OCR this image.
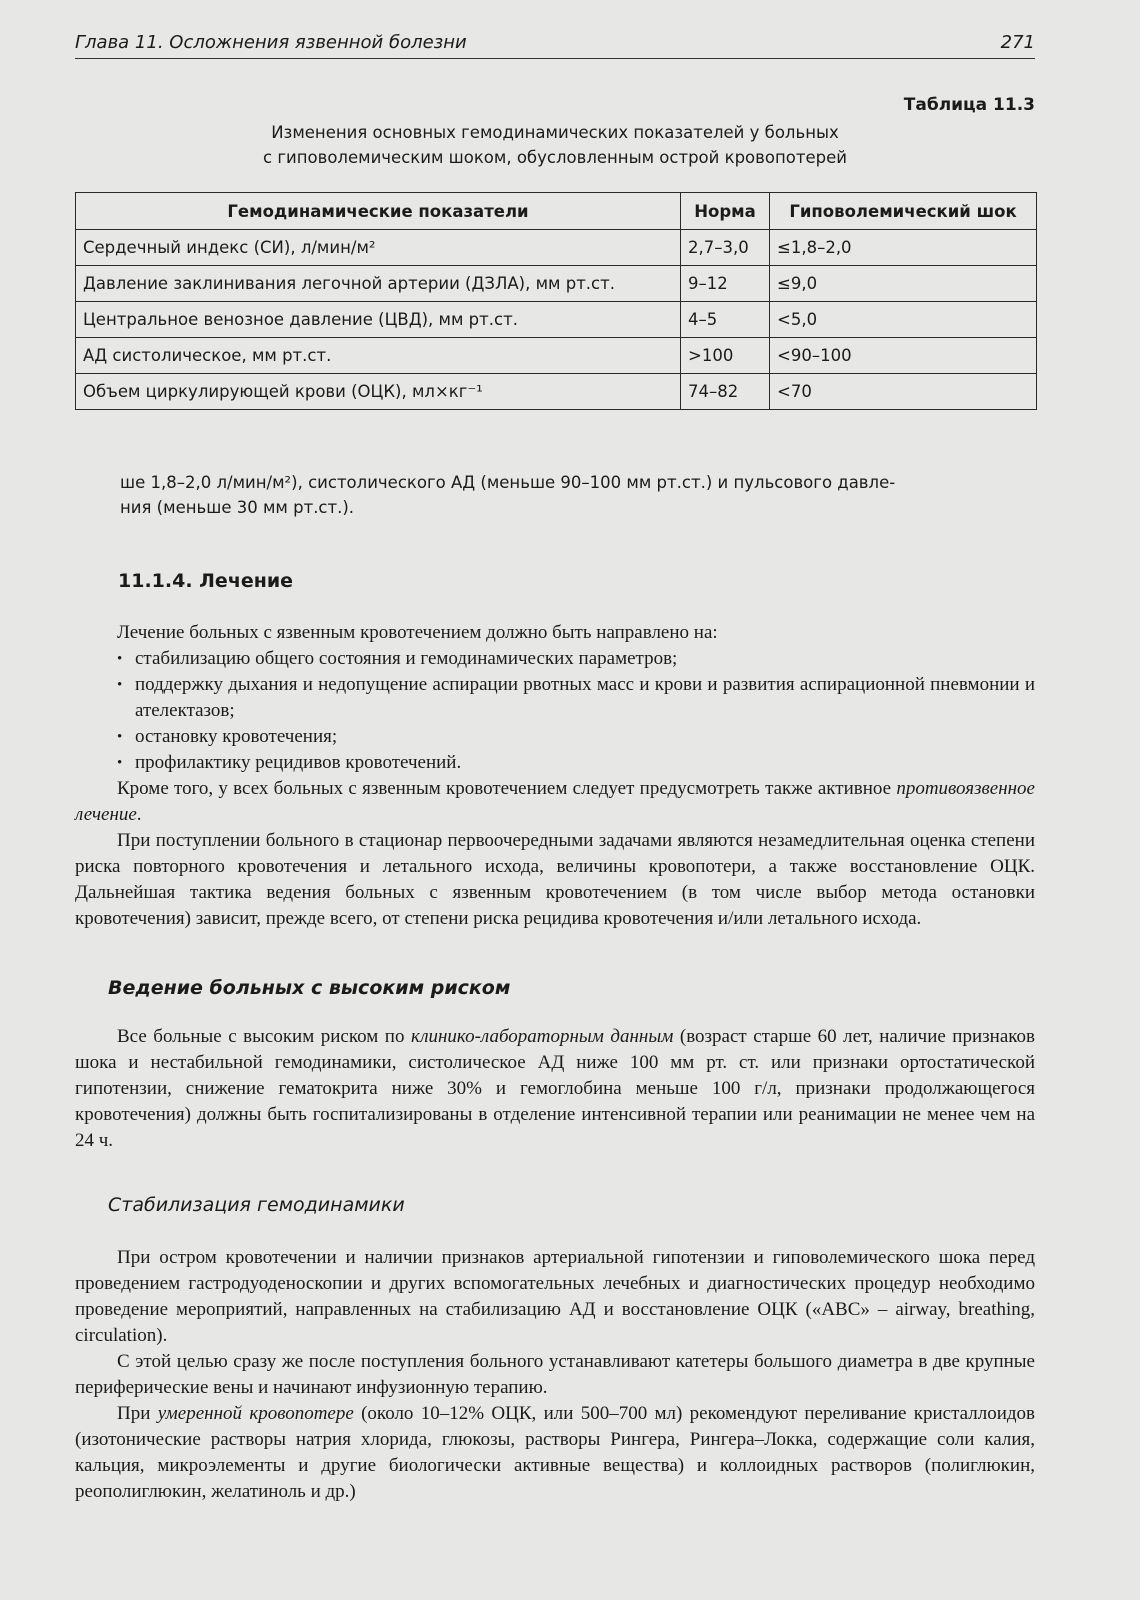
Глава 11. Осложнения язвенной болезни	271
Таблица 11.3
Изменения основных гемодинамических показателей у больных
с гиповолемическим шоком, обусловленным острой кровопотерей
Гемодинамические показатели	Норма	Гиповолемический шок
Сердечный индекс (СИ), л/мин/м²	2,7–3,0	≤1,8–2,0
Давление заклинивания легочной артерии (ДЗЛА), мм рт.ст.	9–12	≤9,0
Центральное венозное давление (ЦВД), мм рт.ст.	4–5	<5,0
АД систолическое, мм рт.ст.	>100	<90–100
Объем циркулирующей крови (ОЦК), мл×кг⁻¹	74–82	<70
ше 1,8–2,0 л/мин/м²), систолического АД (меньше 90–100 мм рт.ст.) и пульсового давле-
ния (меньше 30 мм рт.ст.).
11.1.4. Лечение

Лечение больных с язвенным кровотечением должно быть направлено на:

• стабилизацию общего состояния и гемодинамических параметров;
• поддержку дыхания и недопущение аспирации рвотных масс и крови и развития аспирационной пневмонии и ателектазов;
• остановку кровотечения;
• профилактику рецидивов кровотечений.

Кроме того, у всех больных с язвенным кровотечением следует предусмотреть также активное противоязвенное лечение.

При поступлении больного в стационар первоочередными задачами являются незамедлительная оценка степени риска повторного кровотечения и летального исхода, величины кровопотери, а также восстановление ОЦК. Дальнейшая тактика ведения больных с язвенным кровотечением (в том числе выбор метода остановки кровотечения) зависит, прежде всего, от степени риска рецидива кровотечения и/или летального исхода.

Ведение больных с высоким риском

Все больные с высоким риском по клинико-лабораторным данным (возраст старше 60 лет, наличие признаков шока и нестабильной гемодинамики, систолическое АД ниже 100 мм рт. ст. или признаки ортостатической гипотензии, снижение гематокрита ниже 30% и гемоглобина меньше 100 г/л, признаки продолжающегося кровотечения) должны быть госпитализированы в отделение интенсивной терапии или реанимации не менее чем на 24 ч.

Стабилизация гемодинамики

При остром кровотечении и наличии признаков артериальной гипотензии и гиповолемического шока перед проведением гастродуоденоскопии и других вспомогательных лечебных и диагностических процедур необходимо проведение мероприятий, направленных на стабилизацию АД и восстановление ОЦК («АВС» – airway, breathing, circulation).

С этой целью сразу же после поступления больного устанавливают катетеры большого диаметра в две крупные периферические вены и начинают инфузионную терапию.

При умеренной кровопотере (около 10–12% ОЦК, или 500–700 мл) рекомендуют переливание кристаллоидов (изотонические растворы натрия хлорида, глюкозы, растворы Рингера, Рингера–Локка, содержащие соли калия, кальция, микроэлементы и другие биологически активные вещества) и коллоидных растворов (полиглюкин, реополиглюкин, желатиноль и др.)
